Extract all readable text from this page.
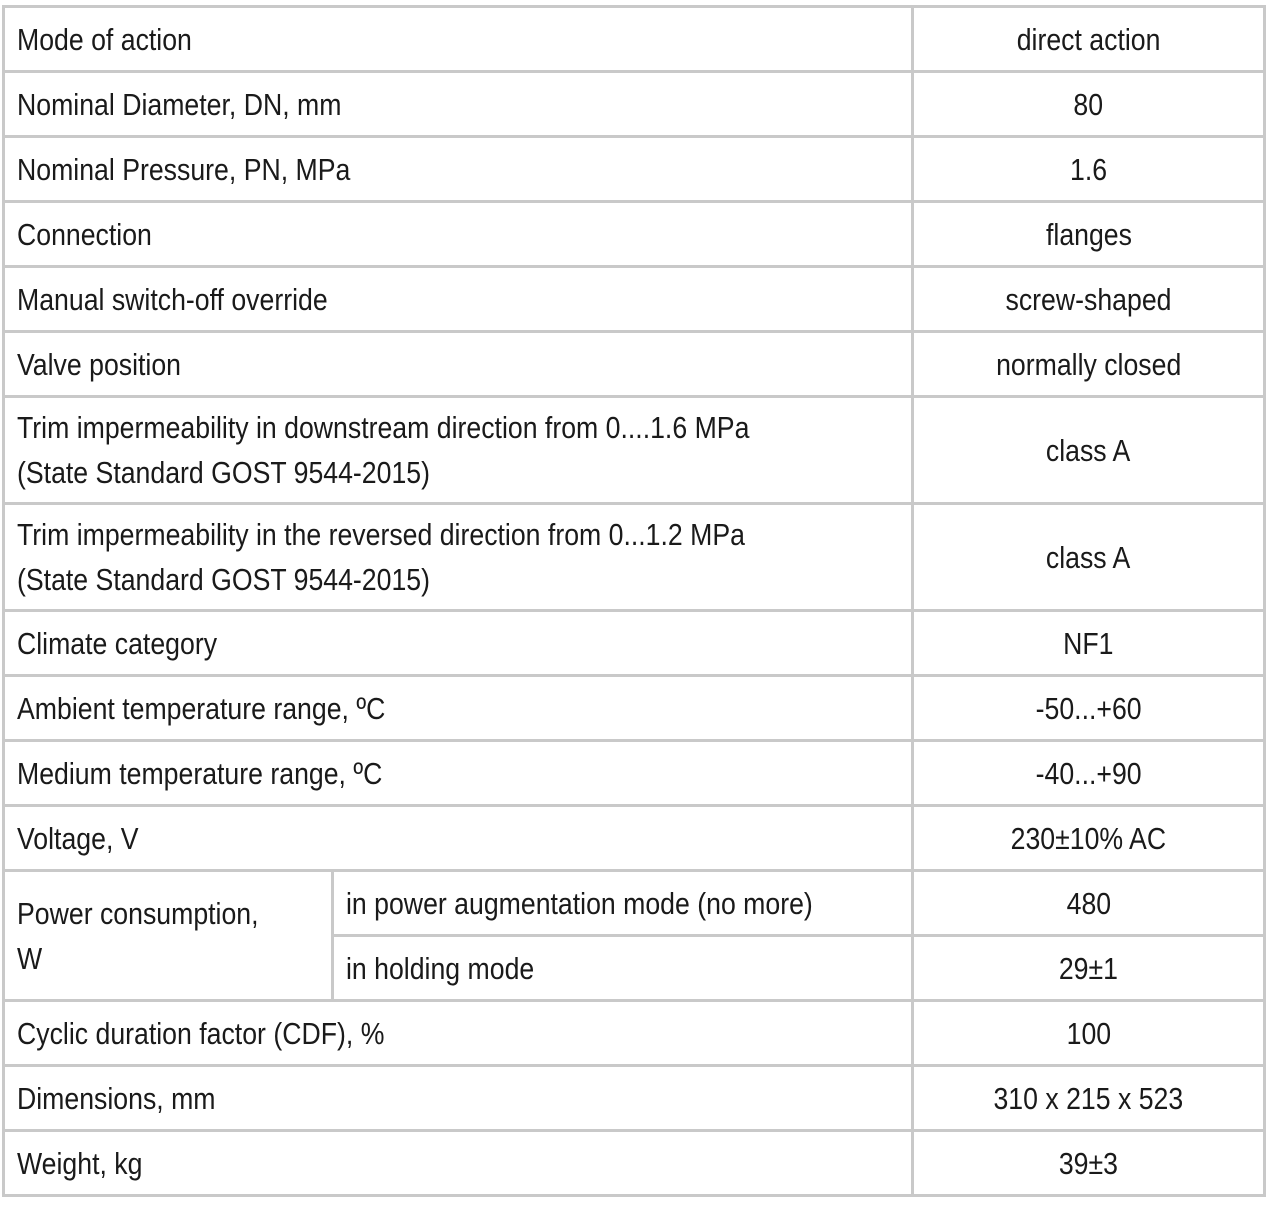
Mode of action		direct action
Nominal Diameter, DN, mm		80
Nominal Pressure, PN, MPa		1.6
Connection		flanges
Manual switch-off override		screw-shaped
Valve position		normally closed

Trim impermeability in downstream direction from 0....1.6 MPa
(State Standard GOST 9544-2015)		class A

Trim impermeability in the reversed direction from 0...1.2 MPa
(State Standard GOST 9544-2015)		class A
Climate category		NF1
Ambient temperature range, ºC		-50...+60
Medium temperature range, ºC		-40...+90
Voltage, V		230±10% AC

Power consumption,
W	in power augmentation mode (no more)	480
	in holding mode	29±1
Cyclic duration factor (CDF), %		100
Dimensions, mm		310 x 215 x 523
Weight, kg		39±3
